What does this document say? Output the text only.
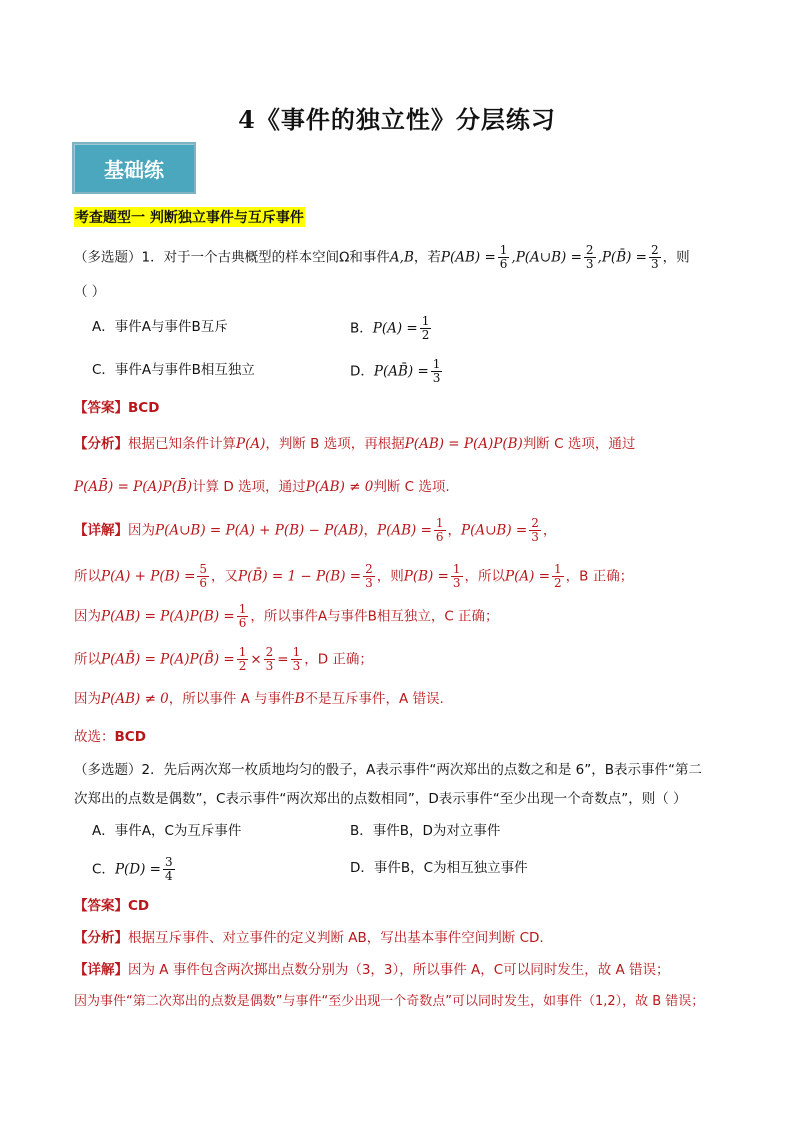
4《事件的独立性》分层练习
基础练
考查题型一 判断独立事件与互斥事件
（多选题）1．对于一个古典概型的样本空间Ω和事件A,B，若$P(AB) = \frac{1}{6}$ ,P(A∪B) = $\frac{2}{3}$ ,P(B̄) = $\frac{2}{3}$ ，则
（ ）
A．事件A与事件B互斥	B．$P(A) = \frac{1}{2}$
C．事件A与事件B相互独立	D．P(AB̄) = $\frac{1}{3}$
【答案】BCD
【分析】根据已知条件计算P(A)，判断 B 选项，再根据P(AB) = P(A)P(B)判断 C 选项，通过
P(AB̄) = P(A)P(B̄)计算 D 选项，通过P(AB) ≠ 0判断 C 选项.
【详解】因为P(A∪B) = P(A) + P(B) − P(AB)，$P(AB) = \frac{1}{6}$ ，P(A∪B) = $\frac{2}{3}$ ，
所以$P(A) + P(B) = \frac{5}{6}$ ，又P(B̄) = $1 - P(B) = \frac{2}{3}$ ，则$P(B) = \frac{1}{3}$ ，所以$P(A) = \frac{1}{2}$ ，B 正确；
因为$P(AB) = P(A)P(B) = \frac{1}{6}$ ，所以事件A与事件B相互独立，C 正确；
所以P(AB̄) = P(A)P(B̄) = $\frac{1}{2} \times \frac{2}{3} = \frac{1}{3}$ ，D 正确；
因为P(AB) ≠ 0，所以事件 A 与事件B不是互斥事件，A 错误.
故选：BCD
（多选题）2．先后两次郑一枚质地均匀的骰子，A表示事件“两次郑出的点数之和是 6”，B表示事件“第二
次郑出的点数是偶数”，C表示事件“两次郑出的点数相同”，D表示事件“至少出现一个奇数点”，则（ ）
A．事件A，C为互斥事件	B．事件B，D为对立事件
C．$P(D) = \frac{3}{4}$	D．事件B，C为相互独立事件
【答案】CD
【分析】根据互斥事件、对立事件的定义判断 AB，写出基本事件空间判断 CD.
【详解】因为 A 事件包含两次掷出点数分别为（3，3），所以事件 A，C可以同时发生，故 A 错误；
因为事件“第二次郑出的点数是偶数”与事件“至少出现一个奇数点”可以同时发生，如事件（1,2），故 B 错误；
